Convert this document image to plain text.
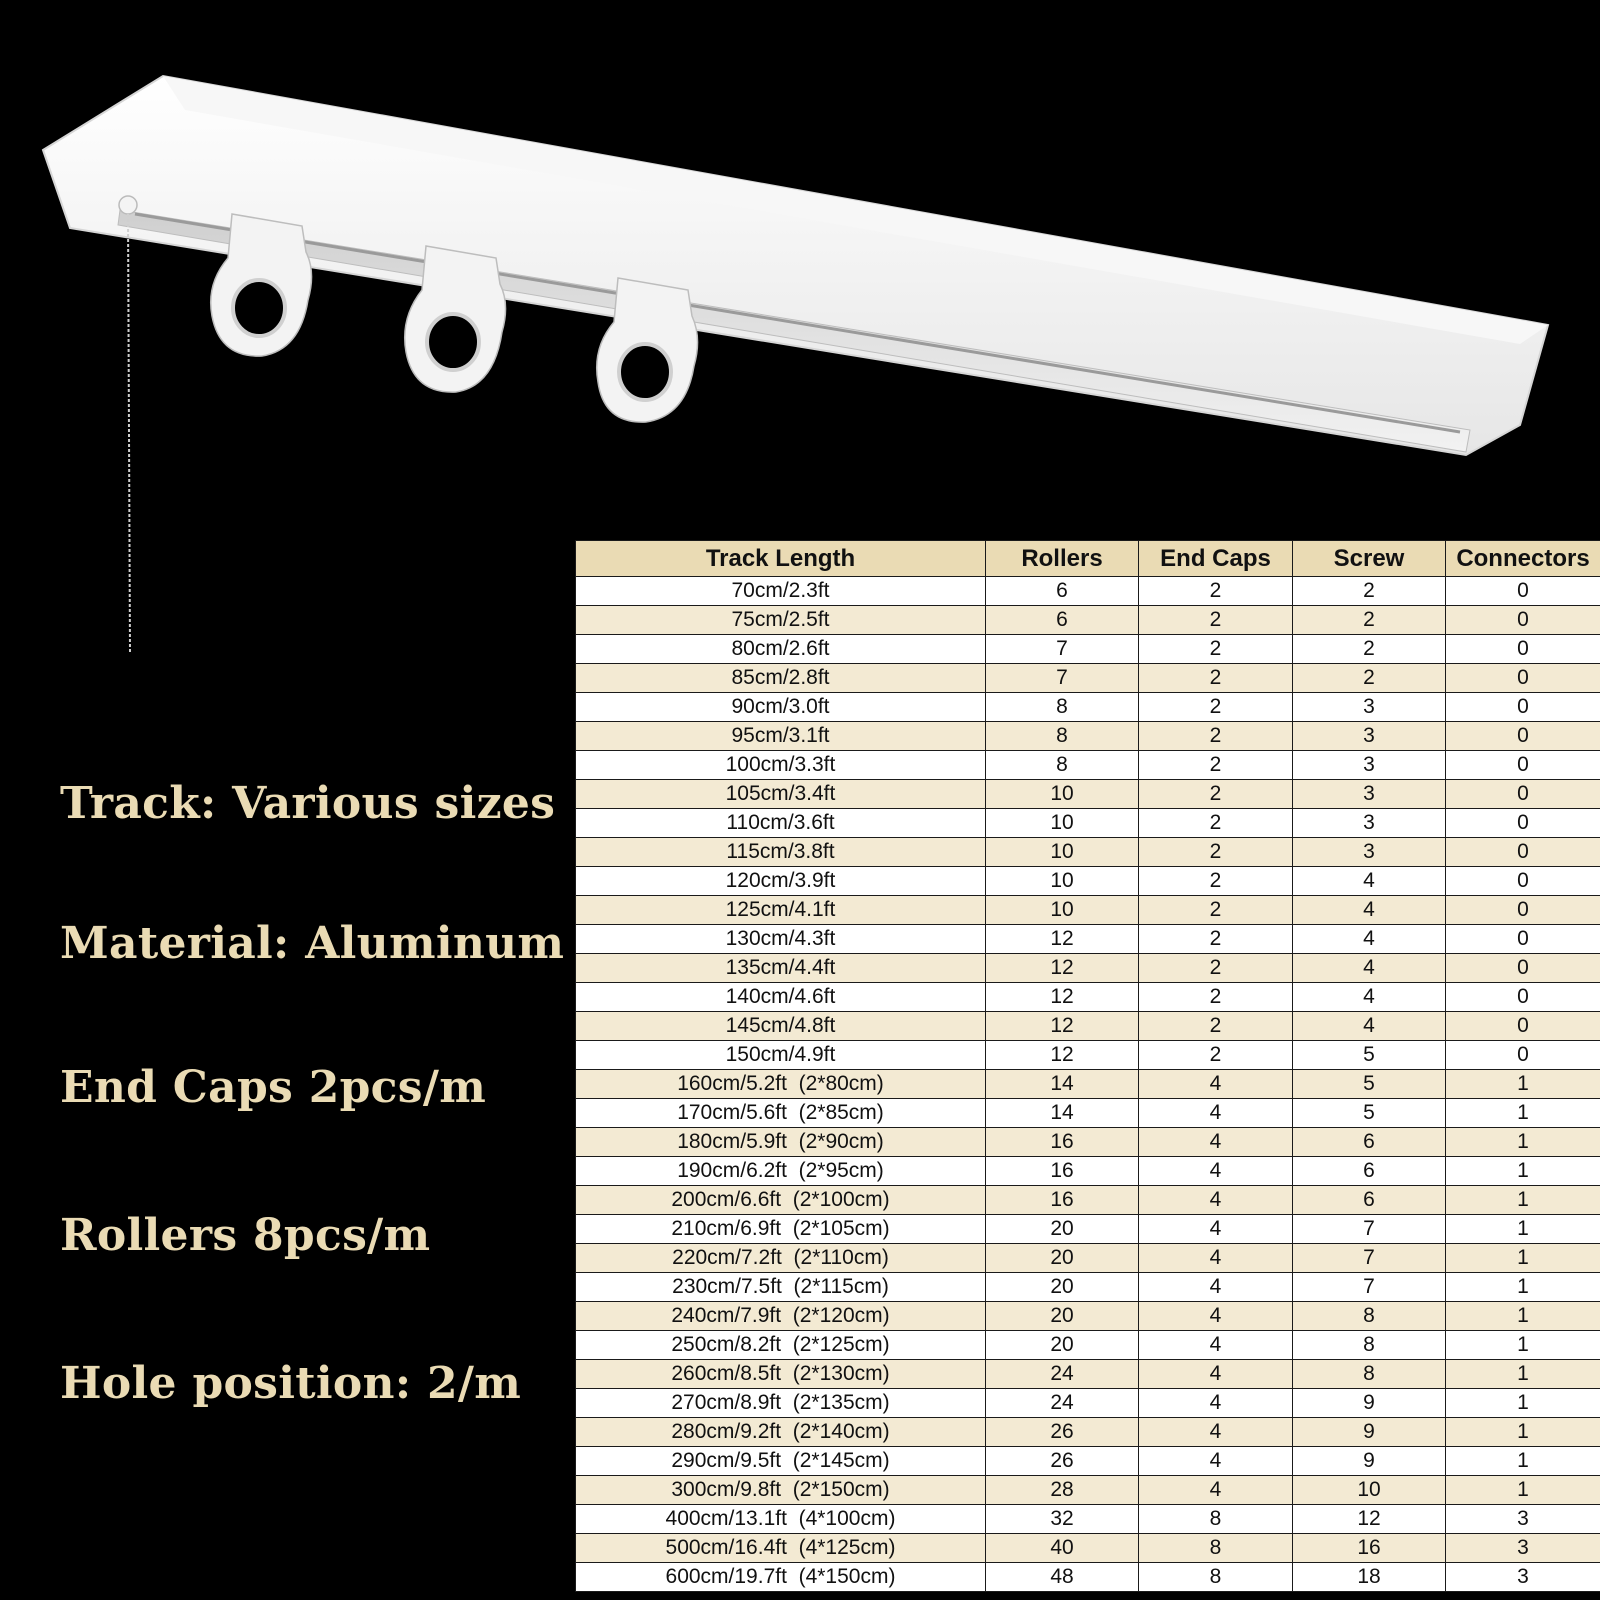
Track: Various sizes

Material: Aluminum

End Caps 2pcs/m

Rollers 8pcs/m

Hole position: 2/m

Track Length	Rollers	End Caps	Screw	Connectors
70cm/2.3ft	6	2	2	0
75cm/2.5ft	6	2	2	0
80cm/2.6ft	7	2	2	0
85cm/2.8ft	7	2	2	0
90cm/3.0ft	8	2	3	0
95cm/3.1ft	8	2	3	0
100cm/3.3ft	8	2	3	0
105cm/3.4ft	10	2	3	0
110cm/3.6ft	10	2	3	0
115cm/3.8ft	10	2	3	0
120cm/3.9ft	10	2	4	0
125cm/4.1ft	10	2	4	0
130cm/4.3ft	12	2	4	0
135cm/4.4ft	12	2	4	0
140cm/4.6ft	12	2	4	0
145cm/4.8ft	12	2	4	0
150cm/4.9ft	12	2	5	0
160cm/5.2ft  (2*80cm)	14	4	5	1
170cm/5.6ft  (2*85cm)	14	4	5	1
180cm/5.9ft  (2*90cm)	16	4	6	1
190cm/6.2ft  (2*95cm)	16	4	6	1
200cm/6.6ft  (2*100cm)	16	4	6	1
210cm/6.9ft  (2*105cm)	20	4	7	1
220cm/7.2ft  (2*110cm)	20	4	7	1
230cm/7.5ft  (2*115cm)	20	4	7	1
240cm/7.9ft  (2*120cm)	20	4	8	1
250cm/8.2ft  (2*125cm)	20	4	8	1
260cm/8.5ft  (2*130cm)	24	4	8	1
270cm/8.9ft  (2*135cm)	24	4	9	1
280cm/9.2ft  (2*140cm)	26	4	9	1
290cm/9.5ft  (2*145cm)	26	4	9	1
300cm/9.8ft  (2*150cm)	28	4	10	1
400cm/13.1ft  (4*100cm)	32	8	12	3
500cm/16.4ft  (4*125cm)	40	8	16	3
600cm/19.7ft  (4*150cm)	48	8	18	3
